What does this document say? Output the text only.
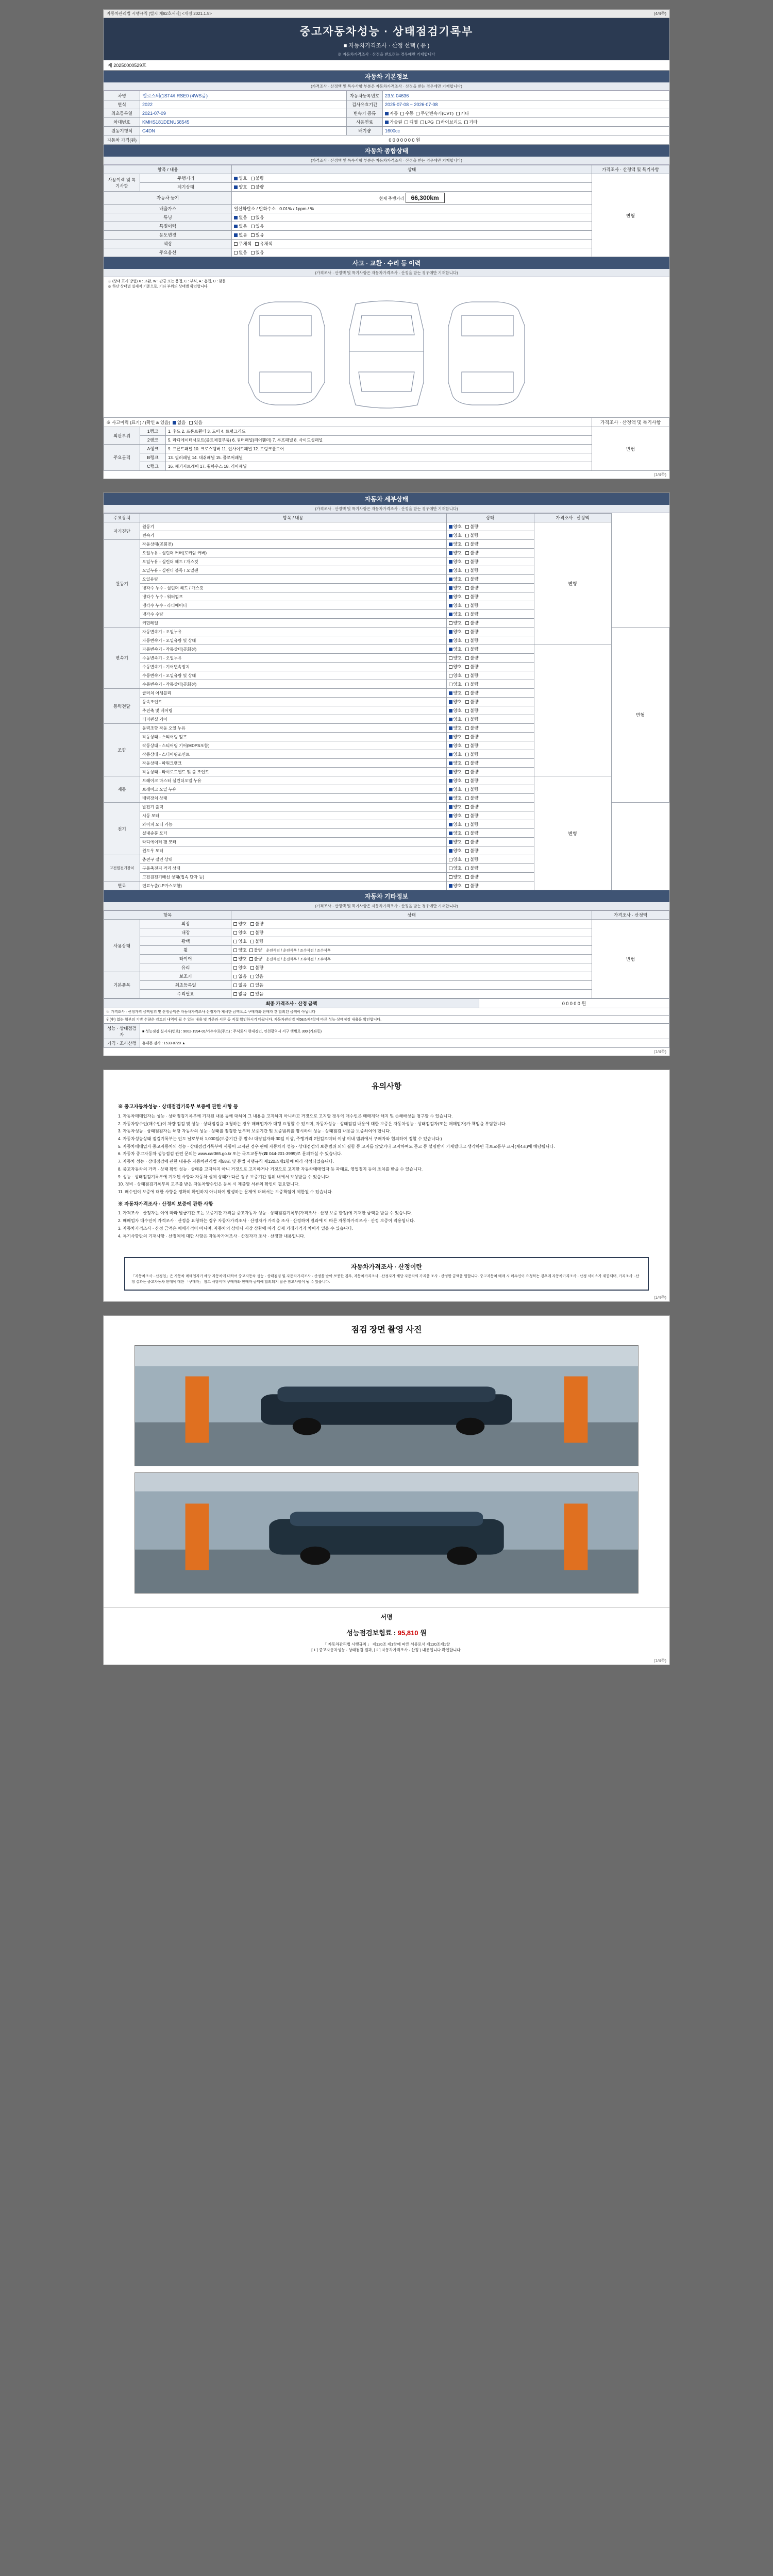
자동차관리법 시행규칙 [별지 제82호서식] <개정 2021.1.5>	(4/4쪽)
중고자동차성능 · 상태점검기록부
■ 자동차가격조사 · 산정 선택 ( 유 )
※ 자동차가격조사 · 산정을 받으려는 경우에만 기재합니다
제 20250000529호
자동차 기본정보
(가격조사 · 산정액 및 특수사항 부분은 자동차가격조사 · 산정을 받는 경우에만 기재합니다)
차명	벨로스터(1ST4/I.RSE0 (4WS급)	자동차등록번호	23오 04636
연식	2022	검사유효기간	2025-07-08 ~ 2026-07-08
최초등록일	2021-07-09	변속기 종류	자동 수동 무단변속기(CVT) 기타
차대번호	KMHS181DENU58545	사용연료	가솔린 디젤 LPG 하이브리드 기타
원동기형식	G4DN	배기량	1600cc
자동차 가격(원)	0 0 0 0 0 0 0 원		
자동차 종합상태
(가격조사 · 산정액 및 특수사항 부분은 자동차가격조사 · 산정을 받는 경우에만 기재합니다)
항목 / 내용		상태	가격조사 · 산정액 및 특기사항
사용이력 및 특기사항	주행거리	양호 불량	변형
	계기상태	양호 불량	
자동차 등기		현재 주행거리 66,300km	
배출가스		일산화탄소 / 탄화수소 0.01% / 1ppm / %	
튜닝		없음 있음	
특별이력		없음 있음	
용도변경		없음 있음	
색상		무채색 유채색	
주요옵션		없음 있음	
사고 · 교환 · 수리 등 이력
(가격조사 · 산정액 및 특기사항은 자동차가격조사 · 산정을 받는 경우에만 기재합니다)
※ (상태 표시 방법) X : 교환, W : 판금 또는 용접, C : 부식, A : 흠집, U : 함몰
※ 하단 상태별 실제적 기준으로, 기타 부위의 상태별 확인합니다
※ 사고이력 (표기) / (확인 & 있음) 없음 있음			가격조사 · 산정액 및 특기사항
외판부위	1랭크	1. 후드 2. 프론트휀더 3. 도어 4. 트렁크리드	변형
	2랭크	5. 라디에이터서포트(볼트체결부품) 6. 쿼터패널(리어휀더) 7. 루프패널 8. 사이드실패널	
주요골격	A랭크	9. 프론트패널 10. 크로스멤버 11. 인사이드패널 12. 트렁크플로어	
	B랭크	13. 필러패널 14. 대쉬패널 15. 플로어패널	
	C랭크	16. 패키지트레이 17. 휠하우스 18. 리어패널	
(1/4쪽)
자동차 세부상태
(가격조사 · 산정액 및 특기사항은 자동차가격조사 · 산정을 받는 경우에만 기재합니다)
주요장치	항목 / 내용	상태	가격조사 · 산정액	
자기진단	원동기	양호 불량	변형	
	변속기	양호 불량		
원동기	작동상태(공회전)	양호 불량		
	오일누유 - 실린더 커버(로커암 커버)	양호 불량		
	오일누유 - 실린더 헤드 / 개스킷	양호 불량		
	오일누유 - 실린더 블록 / 오일팬	양호 불량		
	오일유량	양호 불량		
	냉각수 누수 - 실린더 헤드 / 개스킷	양호 불량		
	냉각수 누수 - 워터펌프	양호 불량		
	냉각수 누수 - 라디에이터	양호 불량		
	냉각수 수량	양호 불량		
	커먼레일	양호 불량		
변속기	자동변속기 - 오일누유	양호 불량		변형
	자동변속기 - 오일유량 및 상태	양호 불량		
	자동변속기 - 작동상태(공회전)	양호 불량		
	수동변속기 - 오일누유	양호 불량		
	수동변속기 - 기어변속장치	양호 불량		
	수동변속기 - 오일유량 및 상태	양호 불량		
	수동변속기 - 작동상태(공회전)	양호 불량		
동력전달	클러치 어셈블리	양호 불량		
	등속조인트	양호 불량		
	추진축 및 베어링	양호 불량		
	디퍼렌셜 기어	양호 불량		
조향	동력조향 작동 오일 누유	양호 불량		
	작동상태 - 스티어링 펌프	양호 불량		
	작동상태 - 스티어링 기어(MDPS포함)	양호 불량		
	작동상태 - 스티어링조인트	양호 불량		
	작동상태 - 파워크랭크	양호 불량		
	작동상태 - 타이로드엔드 및 볼 조인트	양호 불량		
제동	브레이크 마스터 실린더오일 누유	양호 불량	변형	
	브레이크 오일 누유	양호 불량		
	배력장치 상태	양호 불량		
전기	발전기 출력	양호 불량		
	시동 모터	양호 불량		
	와이퍼 모터 기능	양호 불량		
	실내송풍 모터	양호 불량		
	라디에이터 팬 모터	양호 불량		
	윈도우 모터	양호 불량		
고전원전기장치	충전구 절연 상태	양호 불량		
	구동축전지 격리 상태	양호 불량		
	고전원전기배선 상태(접속 단자 등)	양호 불량		
연료	연료누출(LP가스포함)	양호 불량		
자동차 기타정보
(가격조사 · 산정액 및 특기사항은 자동차가격조사 · 산정을 받는 경우에만 기재합니다)
항목		상태	가격조사 · 산정액
사용상태	외장	양호 불량	변형
	내장	양호 불량	
	광택	양호 불량	
	휠	양호 불량 운전석전 / 운전석후 / 조수석전 / 조수석후	
	타이어	양호 불량 운전석전 / 운전석후 / 조수석전 / 조수석후	
	유리	양호 불량	
기본품목	보조키	없음 있음	
	최초등록일	없음 있음	
	수리필요	없음 있음	
최종 가격조사 · 산정 금액	0 0 0 0 0 원
※ 가격조사 · 산정가격 금액범위 및 산정금액은 자동차가격조사·산정자가 제시한 금액으로 구매자와 판매자 간 합의된 금액이 아닙니다
위(中) 없는 월부의 기반 수량은 검토의 내역이 될 수 있는 내용 및 기준과 서류 등 직접 확인하시기 바랍니다. 자동차관리법 제58조제4항에 따른 성능·상태점검 내용을 확인합니다.
성능 · 상태점검자	■ 성능점검 실시자(번호) : 9002-1994-01/가수수료(주소) : 주식회사 현대경인, 인천광역시 서구 백범로 300 (가좌동)
가격 · 조사산정	휴대폰 검사 : 1533-0720 ▲
(1/4쪽)
유의사항
※ 중고자동차성능 · 상태점검기록부 보증에 관한 사항 등

1. 자동차매매업자는 성능 · 상태점검기록부에 기재된 내용 등에 대하여 그 내용을 고지하지 아니하고 거짓으로 고지할 경우에 매수인은 매매계약 해지 및 손해배상을 청구할 수 있습니다.

2. 자동차양수인(매수인)이 차량 점검 및 성능 · 상태점검을 요청하는 경우 매매업자가 대행 요청할 수 있으며, 자동차성능 · 상태점검 내용에 대한 보증은 자동차성능 · 상태점검자(또는 매매업자)가 책임을 부담합니다.

3. 자동차성능 · 상태점검자는 해당 자동차의 성능 · 상태를 점검한 날부터 보증기간 및 보증범위를 명시하여 성능 · 상태점검 내용을 보증하여야 합니다.

4. 자동차성능상태 점검기록부는 인도 날로부터 1,000일(보증기간 중 말소/ 대장일자와 30일 이상, 주행거리 2천킬로미터 이상 이내 범위에서 구매자와 협의하여 정할 수 있습니다.)

5. 자동차매매업자 중고자동차의 성능 · 상태점검기록부에 사항이 고지된 경우 판매 자동차의 성능 · 상태점검의 보증범위 외의 결함 등 고지를 않았거나 고지하여도 듣고 등 설명받지 기재했다고 생각하면 국토교통부 교사(제4조)에 해당됩니다.

6. 자동차 중고자동차 성능점검 관련 문의는 www.car365.go.kr 또는 국토교통부(☎ 044-201-3999)로 문의하실 수 있습니다.

7. 자동차 성능 · 상태점검에 관한 내용은 자동차관리법 제58조 및 동법 시행규칙 제120조제1항에 따라 작성되었습니다.

8. 중고자동차의 가격 · 상태 확인 성능 · 상태를 고지하지 아니 거짓으로 고지하거나 거짓으로 고지한 자동차매매업자 등 과태료, 영업정지 등의 조치를 받을 수 있습니다.

9. 성능 · 상태점검기록부에 기재된 사항과 자동차 실제 상태가 다른 경우 보증기간 범위 내에서 보상받을 수 있습니다.

10. 정비 · 상태점검기록부의 교부를 받은 자동차양수인은 등록 시 제출할 서류의 확인이 필요합니다.

11. 매수인이 보증에 대한 사항을 정확히 확인하지 아니하여 발생하는 문제에 대해서는 보증책임이 제한될 수 있습니다.

※ 자동차가격조사 · 산정의 보증에 관한 사항

1. 가격조사 · 산정자는 이에 따라 발급기관 또는 보증기관 가격을 중고자동차 성능 · 상태점검기록부(가격조사 · 산정 보증 한정)에 기재한 금액을 받을 수 있습니다.

2. 매매업자 매수인이 가격조사 · 산정을 요청하는 경우 자동차가격조사 · 산정자가 가격을 조사 · 산정하여 결과에 이 따른 자동차가격조사 · 산정 보증이 적용됩니다.

3. 자동차가격조사 · 산정 금액은 매매가격이 아니며, 자동차의 상태나 시장 상황에 따라 실제 거래가격과 차이가 있을 수 있습니다.

4. 특기사항란의 기재사항 · 산정액에 대한 사항은 자동차가격조사 · 산정자가 조사 · 산정한 내용입니다.

자동차가격조사 · 산정이란
「자동차조사 · 산정업」은 자동차 매매업자가 해당 자동차에 대하여 중고자동차 성능 · 상태점검 및 자동차가격조사 · 산정을 받아 보증한 경우, 자동차가격조사 · 산정자가 해당 자동차의 가격을 조사 · 산정한 금액을 말합니다. 중고자동차 매매 시 매수인이 요청하는 경우에 자동차가격조사 · 산정 서비스가 제공되며, 가격조사 · 산정 결과는 중고자동차 판매에 대한 「구매자」 참고 사항이며 구매자와 판매자 금액에 합의되지 않은 참고사항이 될 수 있습니다.
(1/4쪽)
점검 장면 촬영 사진
서명
성능점검보험료 : 95,810 원
「 자동차관리법 시행규칙 」 제120조 제1항에 따른 서류로서 제120조제1항
[ 1 ] 중고자동차성능 · 상태점검 결과, [ 2 ] 자동차가격조사 · 산정 ) 내용입니다 확인합니다.
(1/4쪽)
